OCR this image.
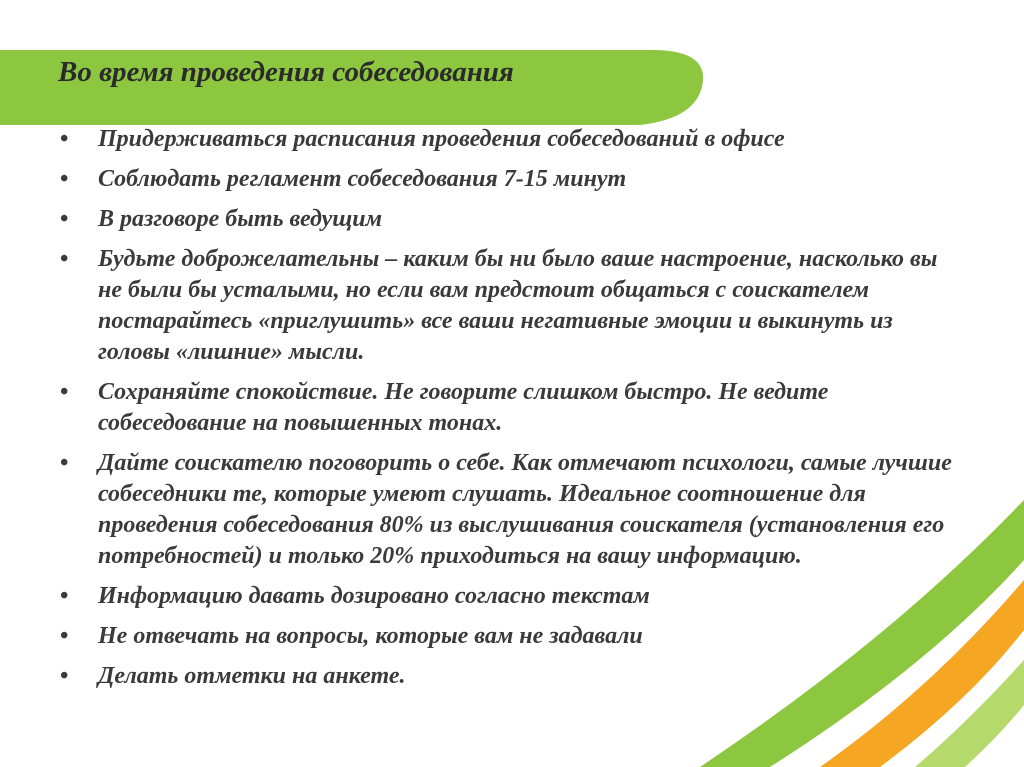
Во время проведения собеседования
• Придерживаться расписания проведения собеседований в офисе
• Соблюдать регламент собеседования 7-15 минут
• В разговоре быть ведущим
• Будьте доброжелательны – каким бы ни было ваше настроение, насколько вы не были бы усталыми, но если вам предстоит общаться с соискателем постарайтесь «приглушить» все ваши негативные эмоции и выкинуть из головы «лишние» мысли.
• Сохраняйте спокойствие. Не говорите слишком быстро. Не ведите собеседование на повышенных тонах.
• Дайте соискателю поговорить о себе. Как отмечают психологи, самые лучшие собеседники те, которые умеют слушать. Идеальное соотношение для проведения собеседования 80% из выслушивания соискателя (установления его потребностей) и только 20% приходиться на вашу информацию.
• Информацию давать дозировано согласно текстам
• Не отвечать на вопросы, которые вам не задавали
• Делать отметки на анкете.
